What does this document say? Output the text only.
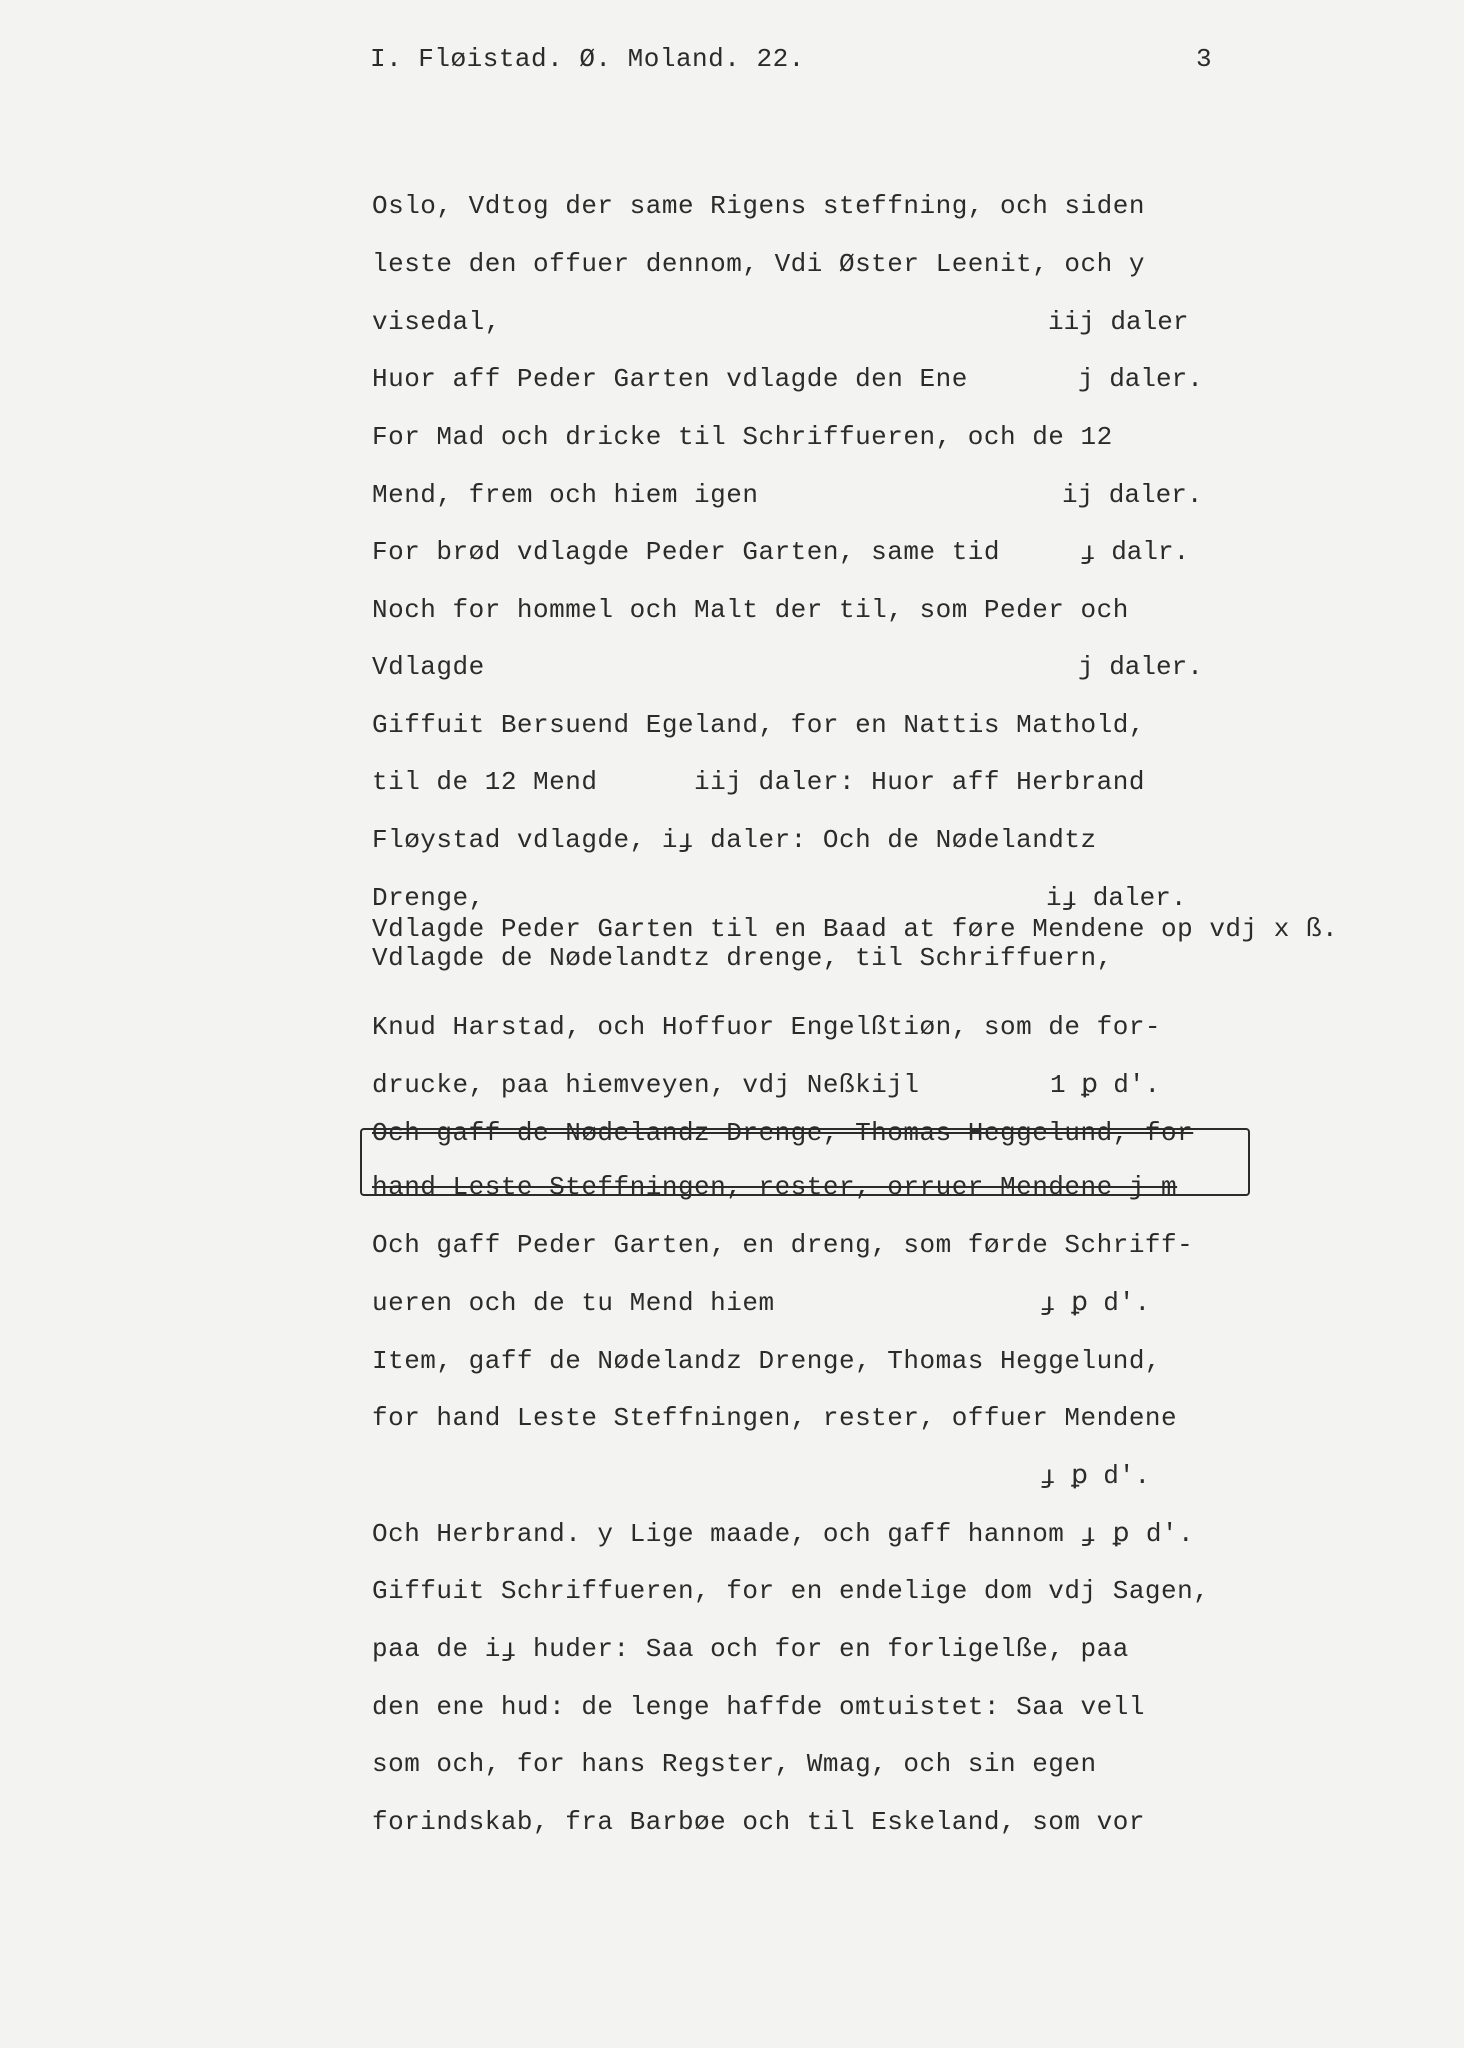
I. Fløistad. Ø. Moland. 22.	3
Oslo, Vdtog der same Rigens steffning, och siden
leste den offuer dennom, Vdi Øster Leenit, och y
visedal,	iij daler
Huor aff Peder Garten vdlagde den Ene	j daler.
For Mad och dricke til Schriffueren, och de 12
Mend, frem och hiem igen	ij daler.
For brød vdlagde Peder Garten, same tid	ɟ dalr.
Noch for hommel och Malt der til, som Peder och
Vdlagde	j daler.
Giffuit Bersuend Egeland, for en Nattis Mathold,
til de 12 Mend      iij daler: Huor aff Herbrand
Fløystad vdlagde, iɟ daler: Och de Nødelandtz
Drenge,	iɟ daler.
Vdlagde Peder Garten til en Baad at føre Mendene op vdj x ß.
Vdlagde de Nødelandtz drenge, til Schriffuern,
Knud Harstad, och Hoffuor Engelßtiøn, som de for-
drucke, paa hiemveyen, vdj Neßkijl	1 ꝑ d'.
Och gaff de Nødelandz Drenge, Thomas Heggelund, for
hand Leste Steffningen, rester, orruer Mendene j m
Och gaff Peder Garten, en dreng, som førde Schriff-
ueren och de tu Mend hiem	ɟ ꝑ d'.
Item, gaff de Nødelandz Drenge, Thomas Heggelund,
for hand Leste Steffningen, rester, offuer Mendene
ɟ ꝑ d'.
Och Herbrand. y Lige maade, och gaff hannom ɟ ꝑ d'.
Giffuit Schriffueren, for en endelige dom vdj Sagen,
paa de iɟ huder: Saa och for en forligelße, paa
den ene hud: de lenge haffde omtuistet: Saa vell
som och, for hans Regster, Wmag, och sin egen
forindskab, fra Barbøe och til Eskeland, som vor
